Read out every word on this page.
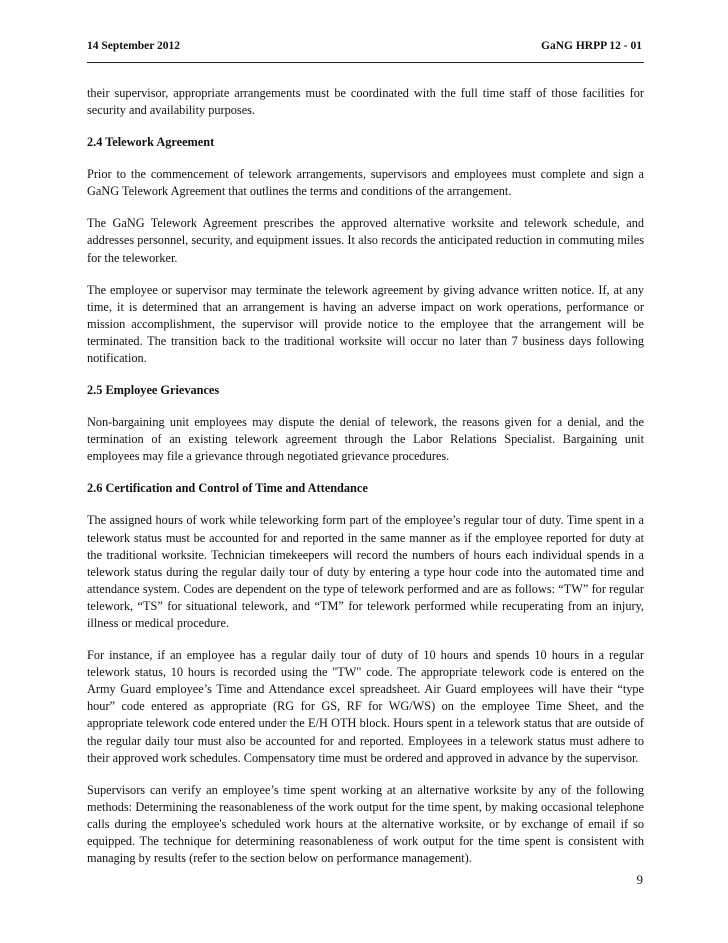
14 September 2012	GaNG HRPP 12 - 01

their supervisor, appropriate arrangements must be coordinated with the full time staff of those facilities for security and availability purposes.

2.4 Telework Agreement

Prior to the commencement of telework arrangements, supervisors and employees must complete and sign a GaNG Telework Agreement that outlines the terms and conditions of the arrangement.

The GaNG Telework Agreement prescribes the approved alternative worksite and telework schedule, and addresses personnel, security, and equipment issues. It also records the anticipated reduction in commuting miles for the teleworker.

The employee or supervisor may terminate the telework agreement by giving advance written notice. If, at any time, it is determined that an arrangement is having an adverse impact on work operations, performance or mission accomplishment, the supervisor will provide notice to the employee that the arrangement will be terminated. The transition back to the traditional worksite will occur no later than 7 business days following notification.

2.5 Employee Grievances

Non-bargaining unit employees may dispute the denial of telework, the reasons given for a denial, and the termination of an existing telework agreement through the Labor Relations Specialist. Bargaining unit employees may file a grievance through negotiated grievance procedures.

2.6 Certification and Control of Time and Attendance

The assigned hours of work while teleworking form part of the employee’s regular tour of duty. Time spent in a telework status must be accounted for and reported in the same manner as if the employee reported for duty at the traditional worksite. Technician timekeepers will record the numbers of hours each individual spends in a telework status during the regular daily tour of duty by entering a type hour code into the automated time and attendance system. Codes are dependent on the type of telework performed and are as follows: “TW” for regular telework, “TS” for situational telework, and “TM” for telework performed while recuperating from an injury, illness or medical procedure.

For instance, if an employee has a regular daily tour of duty of 10 hours and spends 10 hours in a regular telework status, 10 hours is recorded using the "TW" code. The appropriate telework code is entered on the Army Guard employee’s Time and Attendance excel spreadsheet. Air Guard employees will have their “type hour” code entered as appropriate (RG for GS, RF for WG/WS) on the employee Time Sheet, and the appropriate telework code entered under the E/H OTH block. Hours spent in a telework status that are outside of the regular daily tour must also be accounted for and reported. Employees in a telework status must adhere to their approved work schedules. Compensatory time must be ordered and approved in advance by the supervisor.

Supervisors can verify an employee’s time spent working at an alternative worksite by any of the following methods: Determining the reasonableness of the work output for the time spent, by making occasional telephone calls during the employee's scheduled work hours at the alternative worksite, or by exchange of email if so equipped. The technique for determining reasonableness of work output for the time spent is consistent with managing by results (refer to the section below on performance management).

9
